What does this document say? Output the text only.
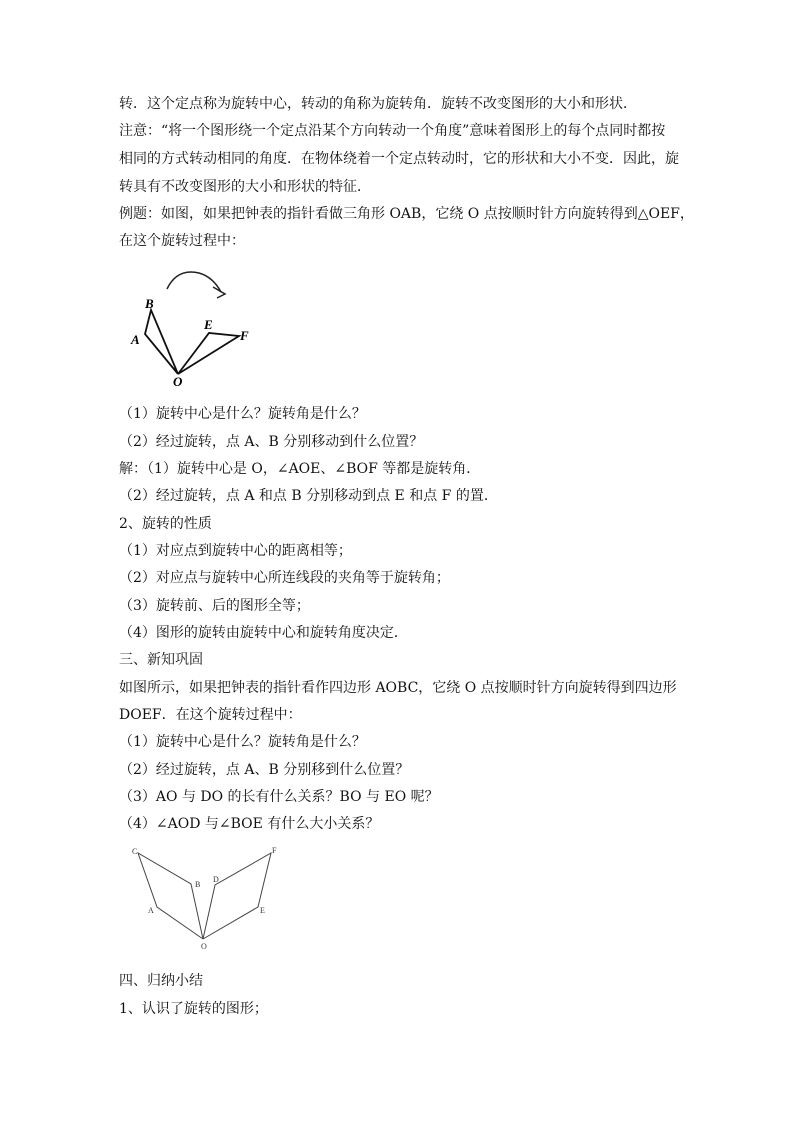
转．这个定点称为旋转中心，转动的角称为旋转角．旋转不改变图形的大小和形状．
注意：“将一个图形绕一个定点沿某个方向转动一个角度”意味着图形上的每个点同时都按
相同的方式转动相同的角度．在物体绕着一个定点转动时，它的形状和大小不变．因此，旋
转具有不改变图形的大小和形状的特征．
例题：如图，如果把钟表的指针看做三角形 OAB，它绕 O 点按顺时针方向旋转得到△OEF，
在这个旋转过程中：
B
A
E
F
O
（1）旋转中心是什么？旋转角是什么？
（2）经过旋转，点 A、B 分别移动到什么位置？
解：（1）旋转中心是 O，∠AOE、∠BOF 等都是旋转角．
（2）经过旋转，点 A 和点 B 分别移动到点 E 和点 F 的置．
2、旋转的性质
（1）对应点到旋转中心的距离相等；
（2）对应点与旋转中心所连线段的夹角等于旋转角；
（3）旋转前、后的图形全等；
（4）图形的旋转由旋转中心和旋转角度决定．
三、新知巩固
如图所示，如果把钟表的指针看作四边形 AOBC，它绕 O 点按顺时针方向旋转得到四边形
DOEF．在这个旋转过程中：
（1）旋转中心是什么？旋转角是什么？
（2）经过旋转，点 A、B 分别移到什么位置？
（3）AO 与 DO 的长有什么关系？BO 与 EO 呢？
（4）∠AOD 与∠BOE 有什么大小关系？
C
B
A
D
F
E
O
四、归纳小结
1、认识了旋转的图形；
